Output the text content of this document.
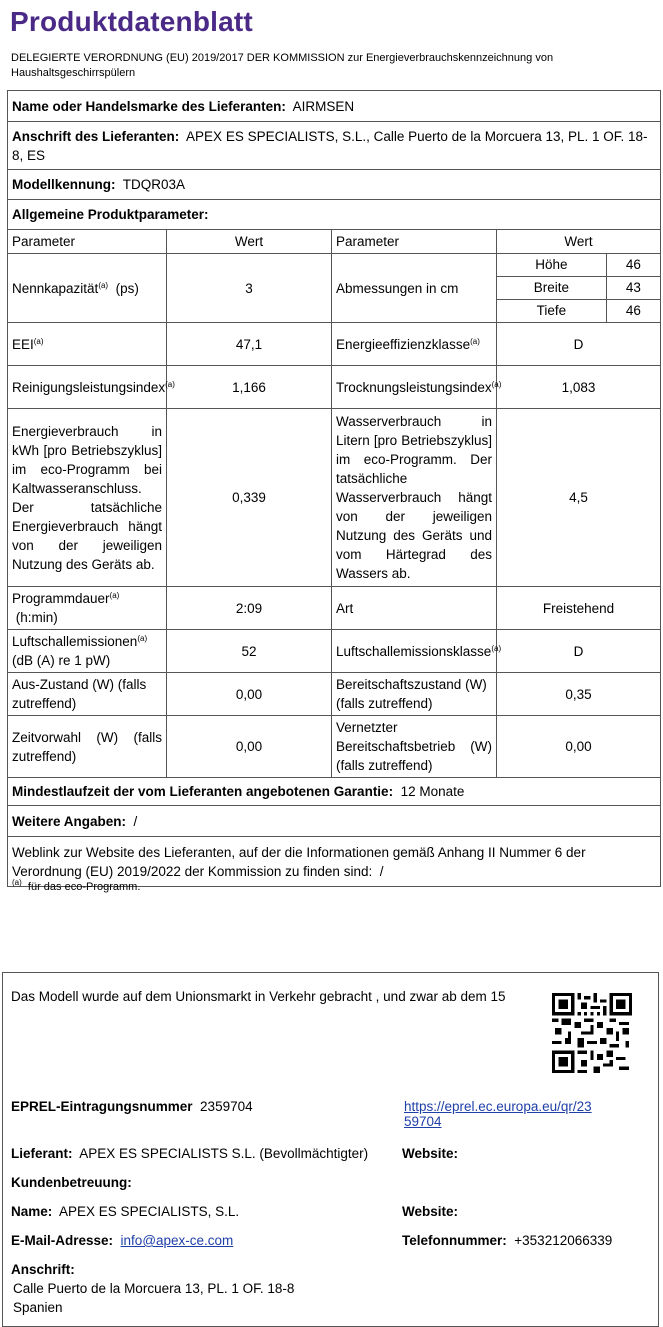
Produktdatenblatt
DELEGIERTE VERORDNUNG (EU) 2019/2017 DER KOMMISSION zur Energieverbrauchskennzeichnung von Haushaltsgeschirrspülern
Name oder Handelsmarke des Lieferanten: AIRMSEN
Anschrift des Lieferanten: APEX ES SPECIALISTS, S.L., Calle Puerto de la Morcuera 13, PL. 1 OF. 18-8, ES
Modellkennung: TDQR03A
Allgemeine Produktparameter:
Parameter	Wert	Parameter	Wert
Nennkapazität$^{(a)}$ (ps)	3	Abmessungen in cm	
Höhe	46
Breite	43
Tiefe	46

EEI$^{(a)}$	47,1	Energieeffizienzklasse$^{(a)}$	D
Reinigungsleistungsindex$^{(a)}$	1,166	Trocknungsleistungsindex$^{(a)}$	1,083
Energieverbrauch in kWh [pro Betriebszyklus] im eco-Programm bei Kaltwasseranschluss. Der tatsächliche Energieverbrauch hängt von der jeweiligen Nutzung des Geräts ab.	0,339	Wasserverbrauch in Litern [pro Betriebszyklus] im eco-Programm. Der tatsächliche Wasserverbrauch hängt von der jeweiligen Nutzung des Geräts und vom Härtegrad des Wassers ab.	4,5
Programmdauer$^{(a)}$
(h:min)	2:09	Art	Freistehend
Luftschallemissionen$^{(a)}$ (dB (A) re 1 pW)	52	Luftschallemissionsklasse$^{(a)}$	D
Aus-Zustand (W) (falls zutreffend)	0,00	Bereitschaftszustand (W) (falls zutreffend)	0,35
Zeitvorwahl (W) (falls zutreffend)	0,00	Vernetzter Bereitschaftsbetrieb (W) (falls zutreffend)	0,00
Mindestlaufzeit der vom Lieferanten angebotenen Garantie: 12 Monate
Weitere Angaben: /
Weblink zur Website des Lieferanten, auf der die Informationen gemäß Anhang II Nummer 6 der Verordnung (EU) 2019/2022 der Kommission zu finden sind: /
$^{(a)}$ für das eco-Programm.
Das Modell wurde auf dem Unionsmarkt in Verkehr gebracht , und zwar ab dem 15
EPREL-Eintragungsnummer 2359704	https://eprel.ec.europa.eu/qr/23
59704
Lieferant: APEX ES SPECIALISTS S.L. (Bevollmächtigter)	Website:
Kundenbetreuung:
Name: APEX ES SPECIALISTS, S.L.	Website:
E-Mail-Adresse: info@apex-ce.com	Telefonnummer: +353212066339
Anschrift:
Calle Puerto de la Morcuera 13, PL. 1 OF. 18-8
Spanien
